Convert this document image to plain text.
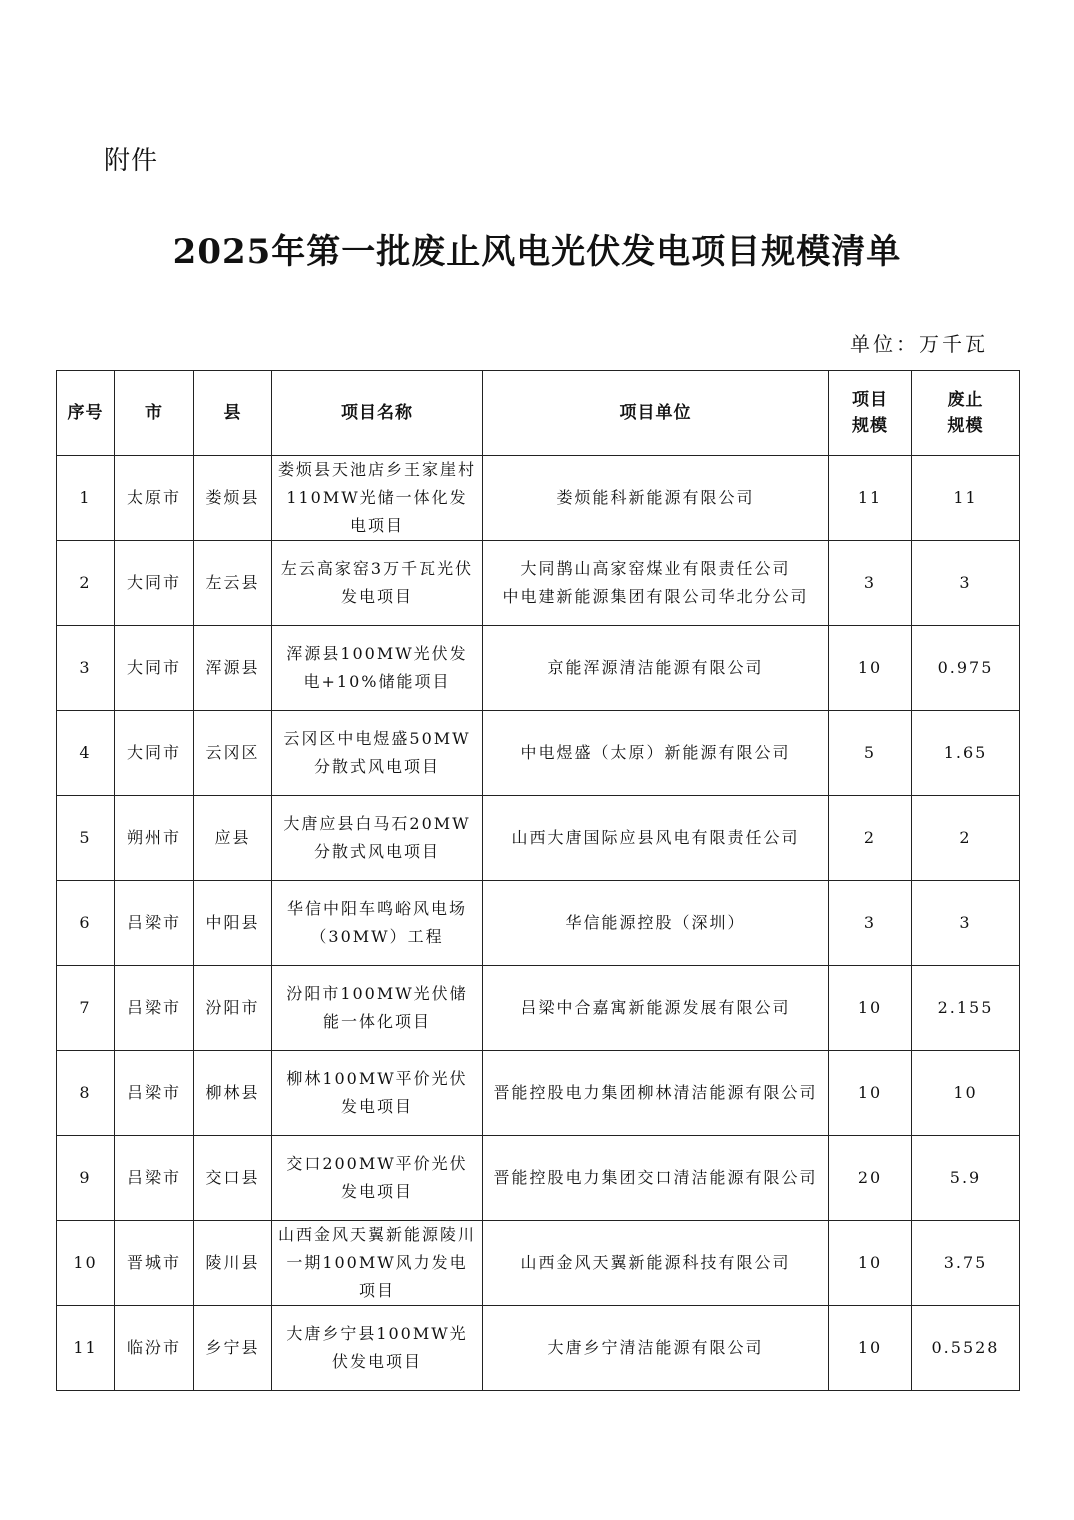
附件
2025年第一批废止风电光伏发电项目规模清单
单位：万千瓦
序号	市	县	项目名称	项目单位	项目规模	废止规模
1	太原市	娄烦县	娄烦县天池店乡王家崖村110MW光储一体化发电项目	娄烦能科新能源有限公司	11	11
2	大同市	左云县	左云高家窑3万千瓦光伏发电项目	大同鹊山高家窑煤业有限责任公司
中电建新能源集团有限公司华北分公司	3	3
3	大同市	浑源县	浑源县100MW光伏发电+10%储能项目	京能浑源清洁能源有限公司	10	0.975
4	大同市	云冈区	云冈区中电煜盛50MW分散式风电项目	中电煜盛（太原）新能源有限公司	5	1.65
5	朔州市	应县	大唐应县白马石20MW分散式风电项目	山西大唐国际应县风电有限责任公司	2	2
6	吕梁市	中阳县	华信中阳车鸣峪风电场（30MW）工程	华信能源控股（深圳）	3	3
7	吕梁市	汾阳市	汾阳市100MW光伏储能一体化项目	吕梁中合嘉寓新能源发展有限公司	10	2.155
8	吕梁市	柳林县	柳林100MW平价光伏发电项目	晋能控股电力集团柳林清洁能源有限公司	10	10
9	吕梁市	交口县	交口200MW平价光伏发电项目	晋能控股电力集团交口清洁能源有限公司	20	5.9
10	晋城市	陵川县	山西金风天翼新能源陵川一期100MW风力发电项目	山西金风天翼新能源科技有限公司	10	3.75
11	临汾市	乡宁县	大唐乡宁县100MW光伏发电项目	大唐乡宁清洁能源有限公司	10	0.5528
